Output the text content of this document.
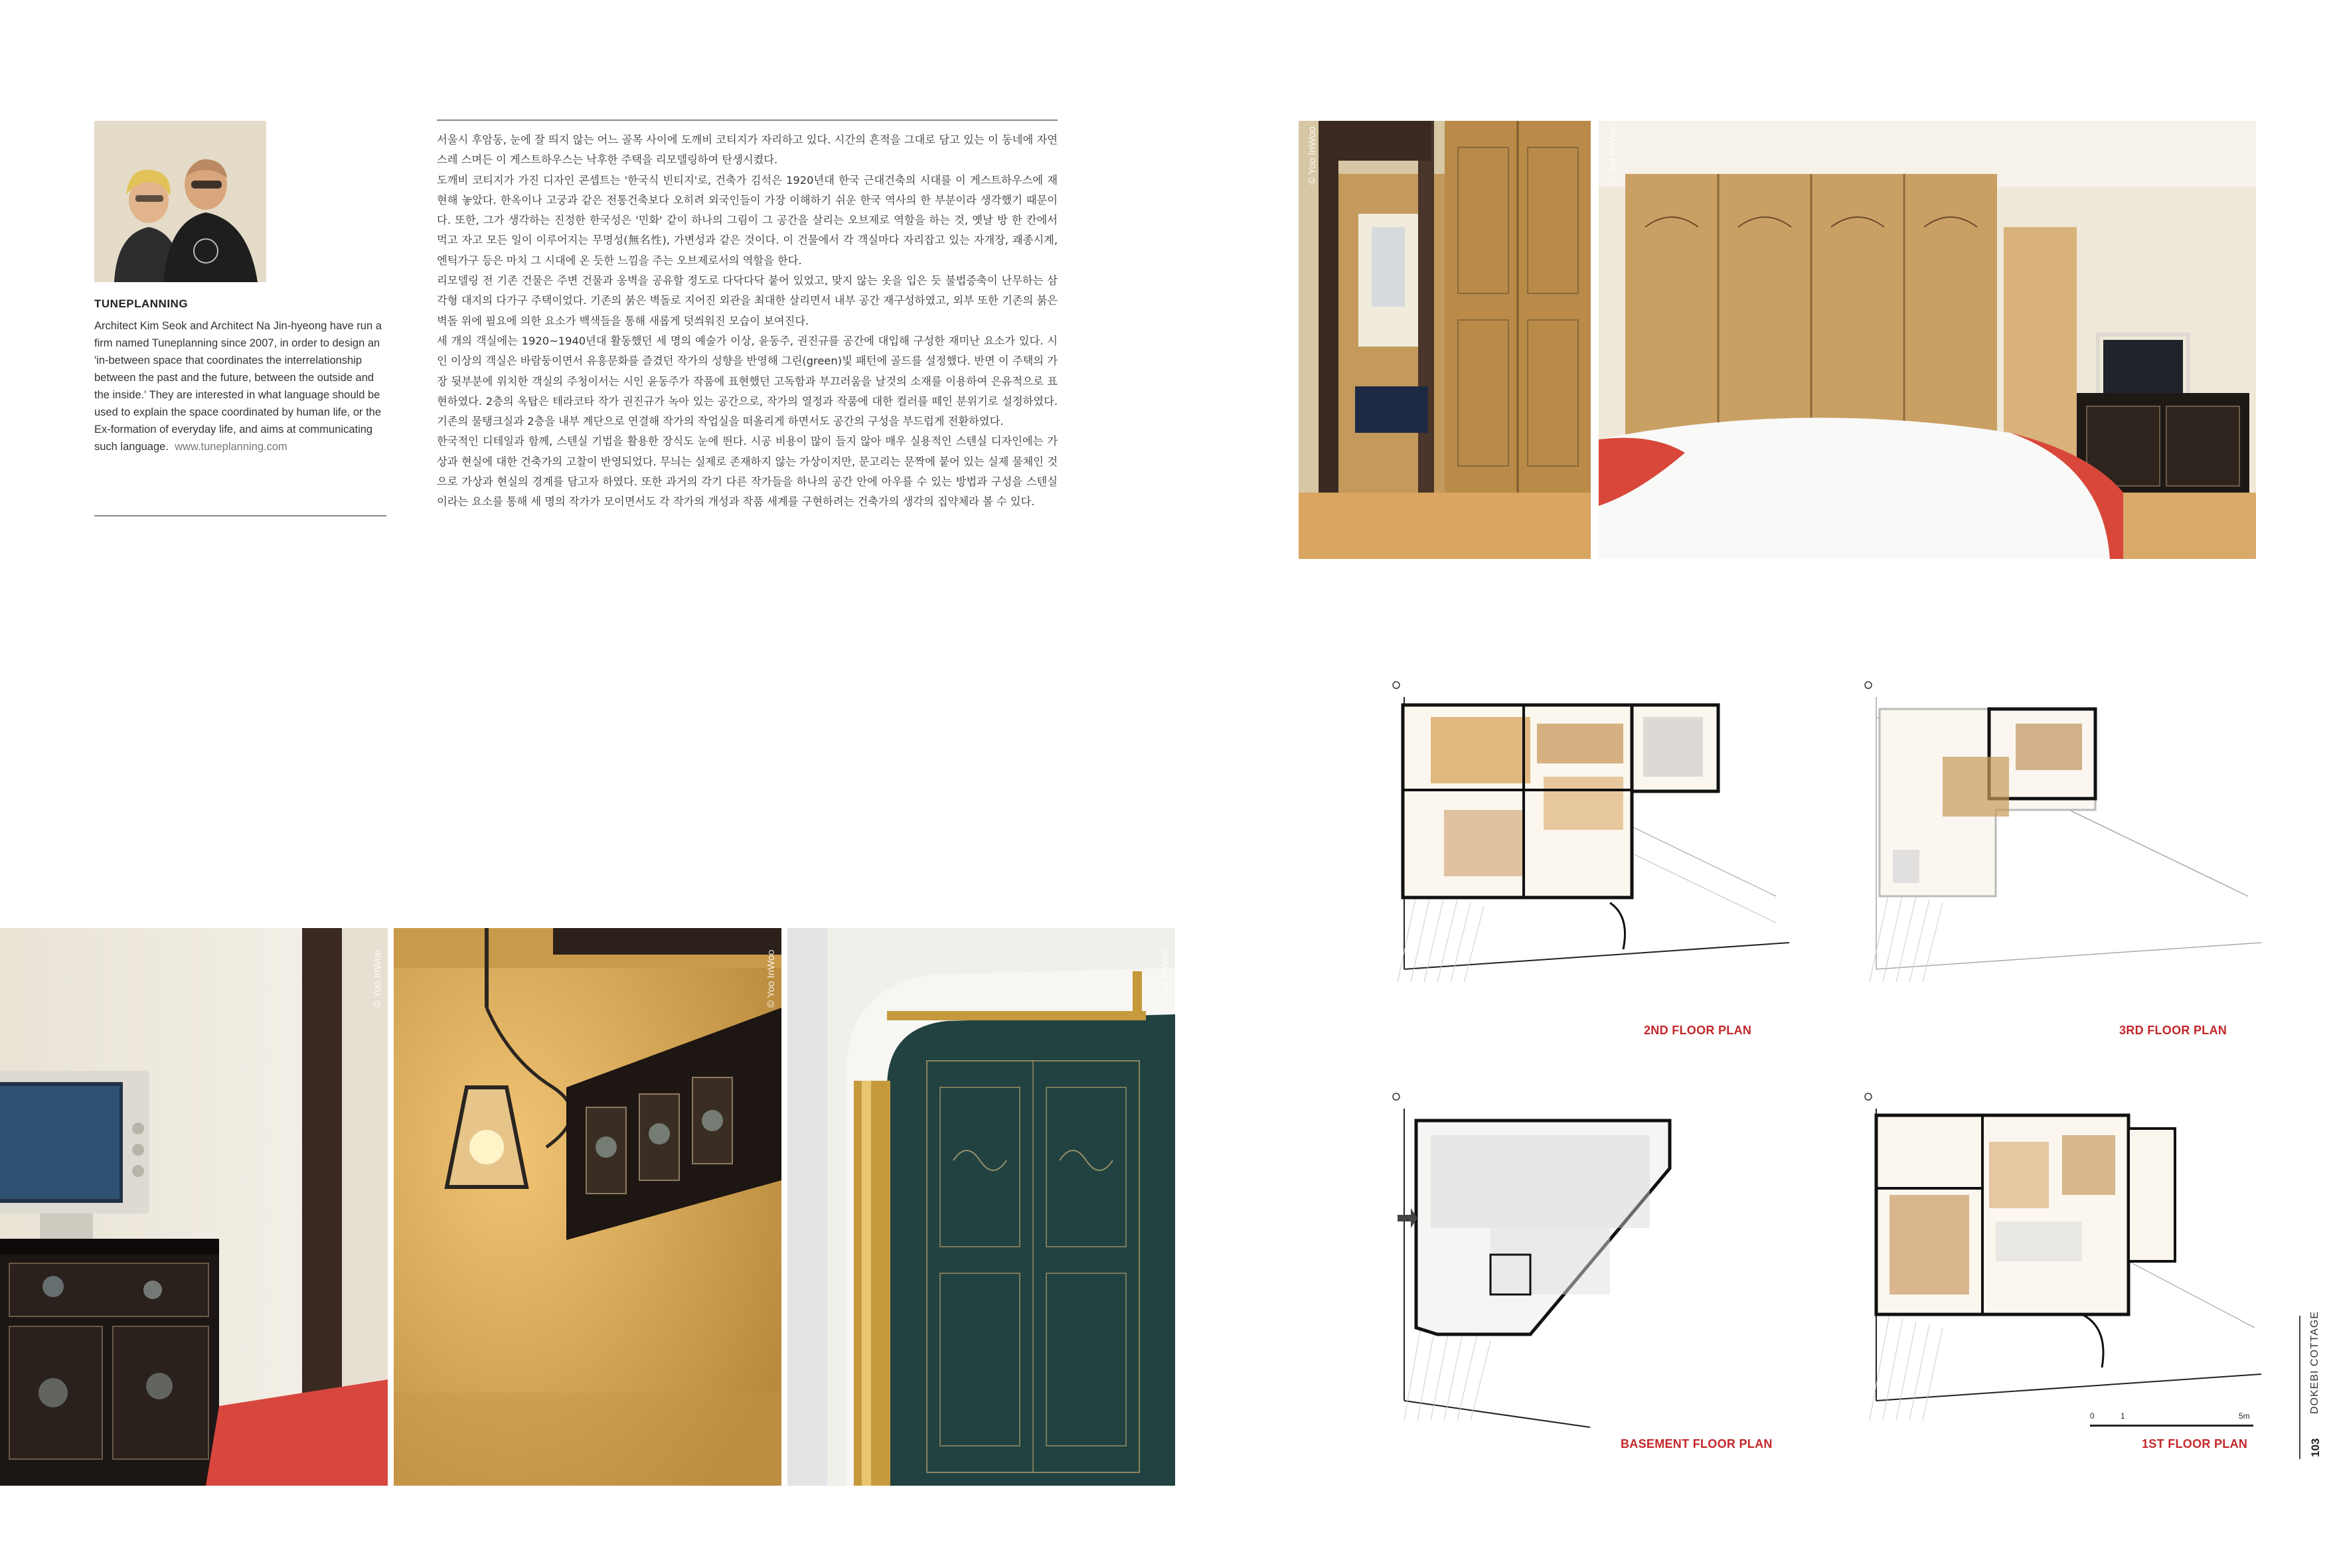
TUNEPLANNING
Architect Kim Seok and Architect Na Jin-hyeong have run a firm named Tuneplanning since 2007, in order to design an 'in-between space that coordinates the interrelationship between the past and the future, between the outside and the inside.' They are interested in what language should be used to explain the space coordinated by human life, or the Ex-formation of everyday life, and aims at communicating such language. www.tuneplanning.com

서울시 후암동, 눈에 잘 띄지 않는 어느 골목 사이에 도깨비 코티지가 자리하고 있다. 시간의 흔적을 그대로 담고 있는 이 동네에 자연스레 스며든 이 게스트하우스는 낙후한 주택을 리모델링하여 탄생시켰다.

도깨비 코티지가 가진 디자인 콘셉트는 '한국식 빈티지'로, 건축가 김석은 1920년대 한국 근대건축의 시대를 이 게스트하우스에 재현해 놓았다. 한옥이나 고궁과 같은 전통건축보다 오히려 외국인들이 가장 이해하기 쉬운 한국 역사의 한 부분이라 생각했기 때문이다. 또한, 그가 생각하는 진정한 한국성은 '민화' 같이 하나의 그림이 그 공간을 살리는 오브제로 역할을 하는 것, 옛날 방 한 칸에서 먹고 자고 모든 일이 이루어지는 무명성(無名性), 가변성과 같은 것이다. 이 건물에서 각 객실마다 자리잡고 있는 자개장, 괘종시계, 엔틱가구 등은 마치 그 시대에 온 듯한 느낌을 주는 오브제로서의 역할을 한다.

리모델링 전 기존 건물은 주변 건물과 옹벽을 공유할 정도로 다닥다닥 붙어 있었고, 맞지 않는 옷을 입은 듯 불법증축이 난무하는 삼각형 대지의 다가구 주택이었다. 기존의 붉은 벽돌로 지어진 외관을 최대한 살리면서 내부 공간 재구성하였고, 외부 또한 기존의 붉은 벽돌 위에 필요에 의한 요소가 백색들을 통해 새롭게 덧씌워진 모습이 보여진다.

세 개의 객실에는 1920~1940년대 활동했던 세 명의 예술가 이상, 윤동주, 권진규를 공간에 대입해 구성한 재미난 요소가 있다. 시인 이상의 객실은 바람둥이면서 유흥문화를 즐겼던 작가의 성향을 반영해 그린(green)빛 패턴에 골드를 설정했다. 반면 이 주택의 가장 뒷부분에 위치한 객실의 주청이서는 시인 윤동주가 작품에 표현했던 고독함과 부끄러움을 날것의 소재를 이용하여 은유적으로 표현하였다. 2층의 옥탑은 테라코타 작가 권진규가 녹아 있는 공간으로, 작가의 열정과 작품에 대한 컬러를 떼인 분위기로 설정하였다. 기존의 물탱크실과 2층을 내부 계단으로 연결해 작가의 작업실을 떠올리게 하면서도 공간의 구성을 부드럽게 전환하였다.

한국적인 디테일과 함께, 스텐실 기법을 활용한 장식도 눈에 띈다. 시공 비용이 많이 들지 않아 매우 실용적인 스텐실 디자인에는 가상과 현실에 대한 건축가의 고찰이 반영되었다. 무늬는 실제로 존재하지 않는 가상이지만, 문고리는 문짝에 붙어 있는 실제 물체인 것으로 가상과 현실의 경계를 담고자 하였다. 또한 과거의 각기 다른 작가들을 하나의 공간 안에 아우를 수 있는 방법과 구성을 스텐실이라는 요소를 통해 세 명의 작가가 모이면서도 각 작가의 개성과 작품 세계를 구현하려는 건축가의 생각의 집약체라 볼 수 있다.

© Yoo InWoo	© Yoo InWoo	© Yoo InWoo
© Yoo InWoo	© Yoo InWoo
2ND FLOOR PLAN	3RD FLOOR PLAN
BASEMENT FLOOR PLAN	1ST FLOOR PLAN
0	1	5m
DOKEBI COTTAGE
103
